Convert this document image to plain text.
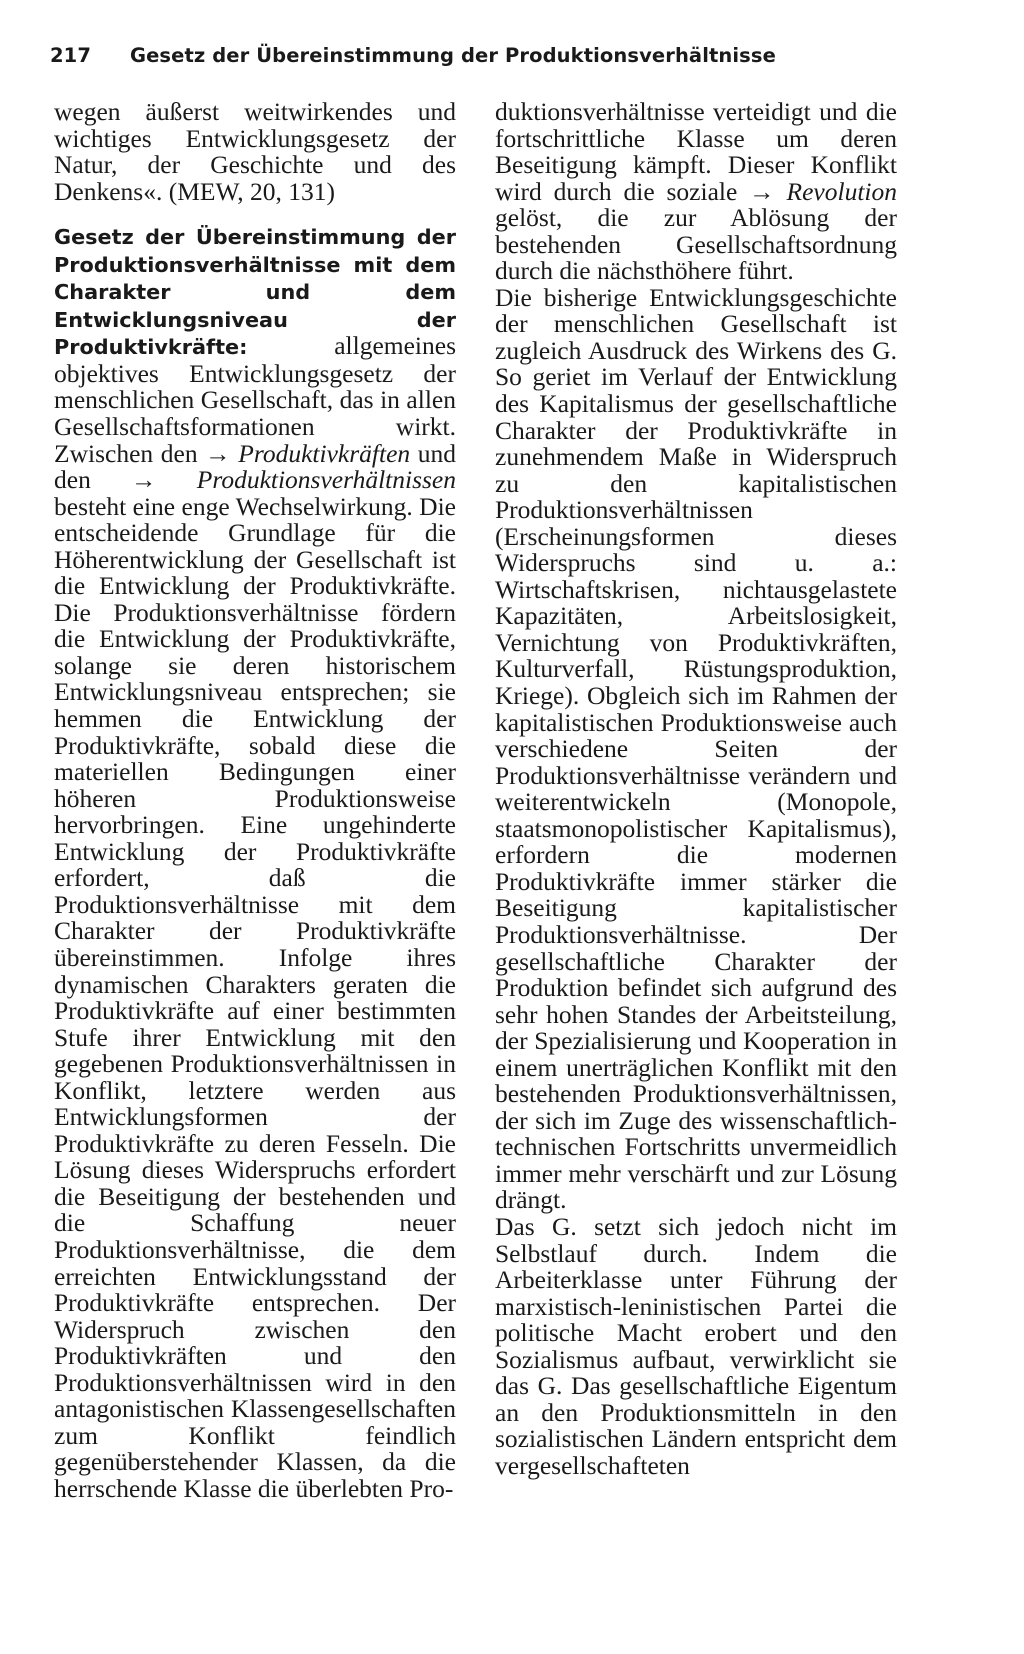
217 Gesetz der Übereinstimmung der Produktionsverhältnisse

wegen äußerst weitwirkendes und wichtiges Entwicklungsgesetz der Natur, der Geschichte und des Denkens«. (MEW, 20, 131)

Gesetz der Übereinstimmung der Produktionsverhältnisse mit dem Charakter und dem Entwicklungsniveau der Produktivkräfte:	allgemeines objektives Entwicklungsgesetz der menschlichen Gesellschaft, das in allen Gesellschaftsformationen wirkt. Zwischen den → Produktivkräften und den → Produktionsverhältnissen besteht eine enge Wechselwirkung. Die entscheidende Grundlage für die Höherentwicklung der Gesellschaft ist die Entwicklung der Produktivkräfte. Die Produktionsverhältnisse fördern die Entwicklung der Produktivkräfte, solange sie deren historischem Entwicklungsniveau entsprechen; sie hemmen die Entwicklung der Produktivkräfte, sobald diese die materiellen Bedingungen einer höheren Produktionsweise hervorbringen. Eine ungehinderte Entwicklung der Produktivkräfte erfordert, daß die Produktionsverhältnisse mit dem Charakter der Produktivkräfte übereinstimmen. Infolge ihres dynamischen Charakters geraten die Produktivkräfte auf einer bestimmten Stufe ihrer Entwicklung mit den gegebenen Produktionsverhältnissen in Konflikt, letztere werden aus Entwicklungsformen der Produktivkräfte zu deren Fesseln. Die Lösung dieses Widerspruchs erfordert die Beseitigung der bestehenden und die Schaffung neuer Produktionsverhältnisse, die dem erreichten Entwicklungsstand der Produktivkräfte entsprechen. Der Widerspruch zwischen den Produktivkräften und den Produktionsverhältnissen wird in den antagonistischen Klassengesellschaften zum Konflikt feindlich gegenüberstehender Klassen, da die herrschende Klasse die überlebten Pro-

duktionsverhältnisse verteidigt und die fortschrittliche Klasse um deren Beseitigung kämpft. Dieser Konflikt wird durch die soziale → Revolution gelöst, die zur Ablösung der bestehenden Gesellschaftsordnung durch die nächsthöhere führt.

Die bisherige Entwicklungsgeschichte der menschlichen Gesellschaft ist zugleich Ausdruck des Wirkens des G. So geriet im Verlauf der Entwicklung des Kapitalismus der gesellschaftliche Charakter der Produktivkräfte in zunehmendem Maße in Widerspruch zu den kapitalistischen Produktionsverhältnissen (Erscheinungsformen dieses Widerspruchs sind u. a.: Wirtschaftskrisen, nichtausgelastete Kapazitäten, Arbeitslosigkeit, Vernichtung von Produktivkräften, Kulturverfall, Rüstungsproduktion, Kriege). Obgleich sich im Rahmen der kapitalistischen Produktionsweise auch verschiedene Seiten der Produktionsverhältnisse verändern und weiterentwickeln (Monopole, staatsmonopolistischer Kapitalismus), erfordern die modernen Produktivkräfte immer stärker die Beseitigung kapitalistischer Produktionsverhältnisse. Der gesellschaftliche Charakter der Produktion befindet sich aufgrund des sehr hohen Standes der Arbeitsteilung, der Spezialisierung und Kooperation in einem unerträglichen Konflikt mit den bestehenden Produktionsverhältnissen, der sich im Zuge des wissenschaftlich-technischen Fortschritts unvermeidlich immer mehr verschärft und zur Lösung drängt.

Das G. setzt sich jedoch nicht im Selbstlauf durch. Indem die Arbeiterklasse unter Führung der marxistisch-leninistischen Partei die politische Macht erobert und den Sozialismus aufbaut, verwirklicht sie das G. Das gesellschaftliche Eigentum an den Produktionsmitteln in den sozialistischen Ländern entspricht dem vergesellschafteten
